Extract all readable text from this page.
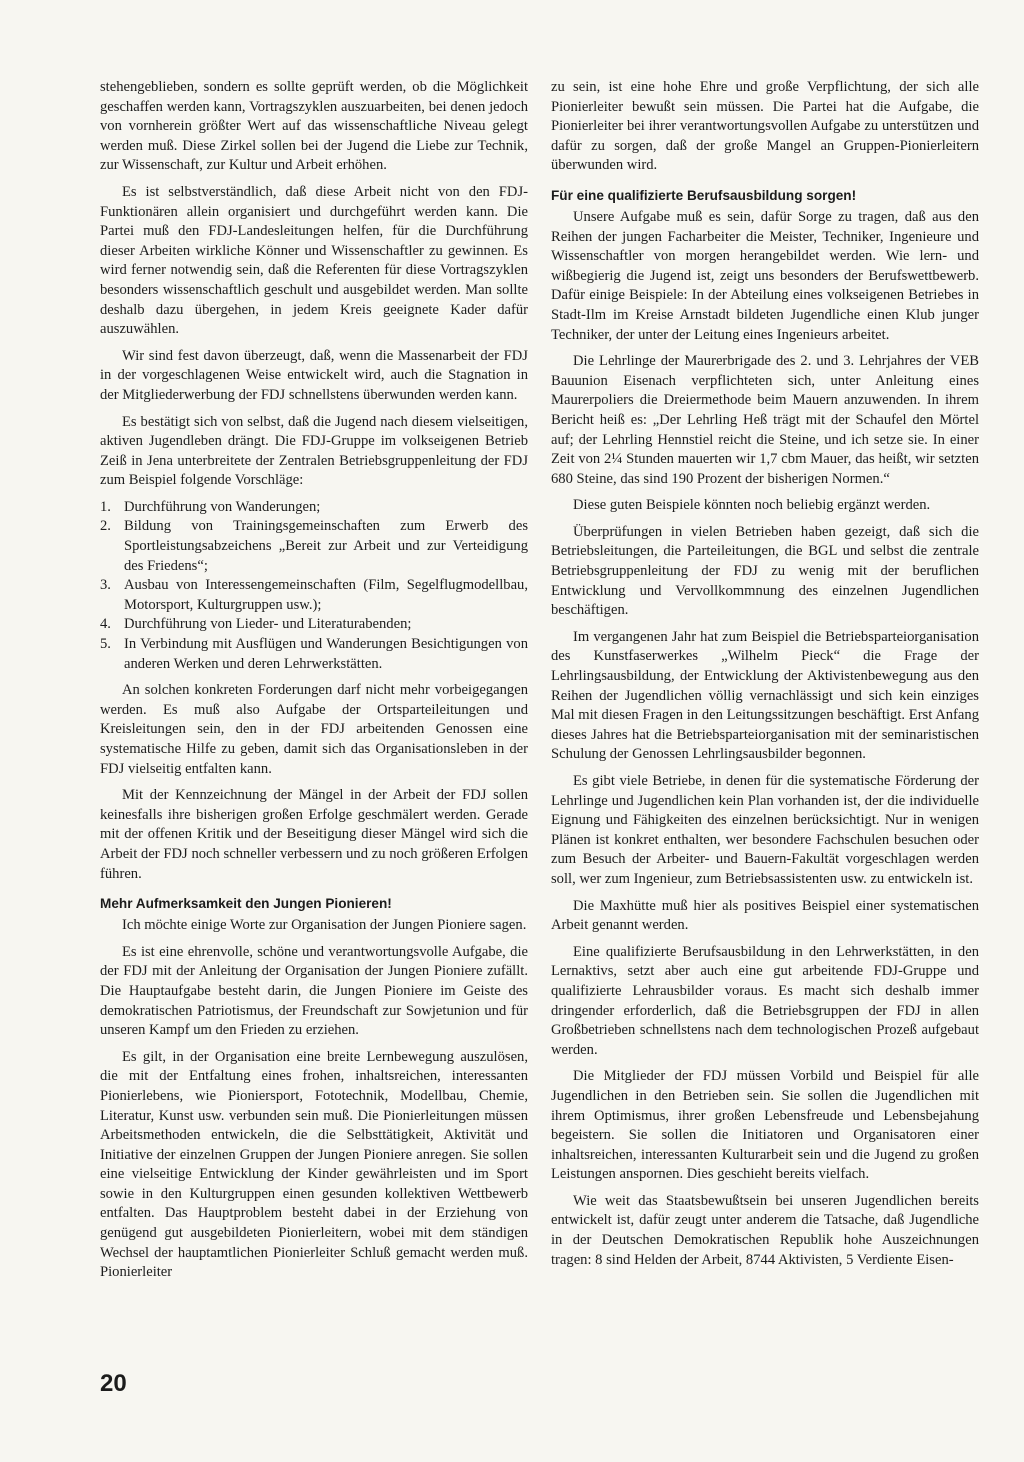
stehengeblieben, sondern es sollte geprüft werden, ob die Möglichkeit geschaffen werden kann, Vortragszyklen auszuarbeiten, bei denen jedoch von vornherein größter Wert auf das wissenschaftliche Niveau gelegt werden muß. Diese Zirkel sollen bei der Jugend die Liebe zur Technik, zur Wissenschaft, zur Kultur und Arbeit erhöhen.

Es ist selbstverständlich, daß diese Arbeit nicht von den FDJ-Funktionären allein organisiert und durchgeführt werden kann. Die Partei muß den FDJ-Landesleitungen helfen, für die Durchführung dieser Arbeiten wirkliche Könner und Wissenschaftler zu gewinnen. Es wird ferner notwendig sein, daß die Referenten für diese Vortragszyklen besonders wissenschaftlich geschult und ausgebildet werden. Man sollte deshalb dazu übergehen, in jedem Kreis geeignete Kader dafür auszuwählen.

Wir sind fest davon überzeugt, daß, wenn die Massenarbeit der FDJ in der vorgeschlagenen Weise entwickelt wird, auch die Stagnation in der Mitgliederwerbung der FDJ schnellstens überwunden werden kann.

Es bestätigt sich von selbst, daß die Jugend nach diesem vielseitigen, aktiven Jugendleben drängt. Die FDJ-Gruppe im volkseigenen Betrieb Zeiß in Jena unterbreitete der Zentralen Betriebsgruppenleitung der FDJ zum Beispiel folgende Vorschläge:

1. Durchführung von Wanderungen;
2. Bildung von Trainingsgemeinschaften zum Erwerb des Sportleistungsabzeichens „Bereit zur Arbeit und zur Verteidigung des Friedens“;
3. Ausbau von Interessengemeinschaften (Film, Segelflugmodellbau, Motorsport, Kulturgruppen usw.);
4. Durchführung von Lieder- und Literaturabenden;
5. In Verbindung mit Ausflügen und Wanderungen Besichtigungen von anderen Werken und deren Lehrwerkstätten.

An solchen konkreten Forderungen darf nicht mehr vorbeigegangen werden. Es muß also Aufgabe der Ortsparteileitungen und Kreisleitungen sein, den in der FDJ arbeitenden Genossen eine systematische Hilfe zu geben, damit sich das Organisationsleben in der FDJ vielseitig entfalten kann.

Mit der Kennzeichnung der Mängel in der Arbeit der FDJ sollen keinesfalls ihre bisherigen großen Erfolge geschmälert werden. Gerade mit der offenen Kritik und der Beseitigung dieser Mängel wird sich die Arbeit der FDJ noch schneller verbessern und zu noch größeren Erfolgen führen.

Mehr Aufmerksamkeit den Jungen Pionieren!

Ich möchte einige Worte zur Organisation der Jungen Pioniere sagen.

Es ist eine ehrenvolle, schöne und verantwortungsvolle Aufgabe, die der FDJ mit der Anleitung der Organisation der Jungen Pioniere zufällt. Die Hauptaufgabe besteht darin, die Jungen Pioniere im Geiste des demokratischen Patriotismus, der Freundschaft zur Sowjetunion und für unseren Kampf um den Frieden zu erziehen.

Es gilt, in der Organisation eine breite Lernbewegung auszulösen, die mit der Entfaltung eines frohen, inhaltsreichen, interessanten Pionierlebens, wie Pioniersport, Fototechnik, Modellbau, Chemie, Literatur, Kunst usw. verbunden sein muß. Die Pionierleitungen müssen Arbeitsmethoden entwickeln, die die Selbsttätigkeit, Aktivität und Initiative der einzelnen Gruppen der Jungen Pioniere anregen. Sie sollen eine vielseitige Entwicklung der Kinder gewährleisten und im Sport sowie in den Kulturgruppen einen gesunden kollektiven Wettbewerb entfalten. Das Hauptproblem besteht dabei in der Erziehung von genügend gut ausgebildeten Pionierleitern, wobei mit dem ständigen Wechsel der hauptamtlichen Pionierleiter Schluß gemacht werden muß. Pionierleiter

zu sein, ist eine hohe Ehre und große Verpflichtung, der sich alle Pionierleiter bewußt sein müssen. Die Partei hat die Aufgabe, die Pionierleiter bei ihrer verantwortungsvollen Aufgabe zu unterstützen und dafür zu sorgen, daß der große Mangel an Gruppen-Pionierleitern überwunden wird.

Für eine qualifizierte Berufsausbildung sorgen!

Unsere Aufgabe muß es sein, dafür Sorge zu tragen, daß aus den Reihen der jungen Facharbeiter die Meister, Techniker, Ingenieure und Wissenschaftler von morgen herangebildet werden. Wie lern- und wißbegierig die Jugend ist, zeigt uns besonders der Berufswettbewerb. Dafür einige Beispiele: In der Abteilung eines volkseigenen Betriebes in Stadt-Ilm im Kreise Arnstadt bildeten Jugendliche einen Klub junger Techniker, der unter der Leitung eines Ingenieurs arbeitet.

Die Lehrlinge der Maurerbrigade des 2. und 3. Lehrjahres der VEB Bauunion Eisenach verpflichteten sich, unter Anleitung eines Maurerpoliers die Dreiermethode beim Mauern anzuwenden. In ihrem Bericht heiß es: „Der Lehrling Heß trägt mit der Schaufel den Mörtel auf; der Lehrling Hennstiel reicht die Steine, und ich setze sie. In einer Zeit von 2¼ Stunden mauerten wir 1,7 cbm Mauer, das heißt, wir setzten 680 Steine, das sind 190 Prozent der bisherigen Normen.“

Diese guten Beispiele könnten noch beliebig ergänzt werden.

Überprüfungen in vielen Betrieben haben gezeigt, daß sich die Betriebsleitungen, die Parteileitungen, die BGL und selbst die zentrale Betriebsgruppenleitung der FDJ zu wenig mit der beruflichen Entwicklung und Vervollkommnung des einzelnen Jugendlichen beschäftigen.

Im vergangenen Jahr hat zum Beispiel die Betriebsparteiorganisation des Kunstfaserwerkes „Wilhelm Pieck“ die Frage der Lehrlingsausbildung, der Entwicklung der Aktivistenbewegung aus den Reihen der Jugendlichen völlig vernachlässigt und sich kein einziges Mal mit diesen Fragen in den Leitungssitzungen beschäftigt. Erst Anfang dieses Jahres hat die Betriebsparteiorganisation mit der seminaristischen Schulung der Genossen Lehrlingsausbilder begonnen.

Es gibt viele Betriebe, in denen für die systematische Förderung der Lehrlinge und Jugendlichen kein Plan vorhanden ist, der die individuelle Eignung und Fähigkeiten des einzelnen berücksichtigt. Nur in wenigen Plänen ist konkret enthalten, wer besondere Fachschulen besuchen oder zum Besuch der Arbeiter- und Bauern-Fakultät vorgeschlagen werden soll, wer zum Ingenieur, zum Betriebsassistenten usw. zu entwickeln ist.

Die Maxhütte muß hier als positives Beispiel einer systematischen Arbeit genannt werden.

Eine qualifizierte Berufsausbildung in den Lehrwerkstätten, in den Lernaktivs, setzt aber auch eine gut arbeitende FDJ-Gruppe und qualifizierte Lehrausbilder voraus. Es macht sich deshalb immer dringender erforderlich, daß die Betriebsgruppen der FDJ in allen Großbetrieben schnellstens nach dem technologischen Prozeß aufgebaut werden.

Die Mitglieder der FDJ müssen Vorbild und Beispiel für alle Jugendlichen in den Betrieben sein. Sie sollen die Jugendlichen mit ihrem Optimismus, ihrer großen Lebensfreude und Lebensbejahung begeistern. Sie sollen die Initiatoren und Organisatoren einer inhaltsreichen, interessanten Kulturarbeit sein und die Jugend zu großen Leistungen anspornen. Dies geschieht bereits vielfach.

Wie weit das Staatsbewußtsein bei unseren Jugendlichen bereits entwickelt ist, dafür zeugt unter anderem die Tatsache, daß Jugendliche in der Deutschen Demokratischen Republik hohe Auszeichnungen tragen: 8 sind Helden der Arbeit, 8744 Aktivisten, 5 Verdiente Eisen-

20
